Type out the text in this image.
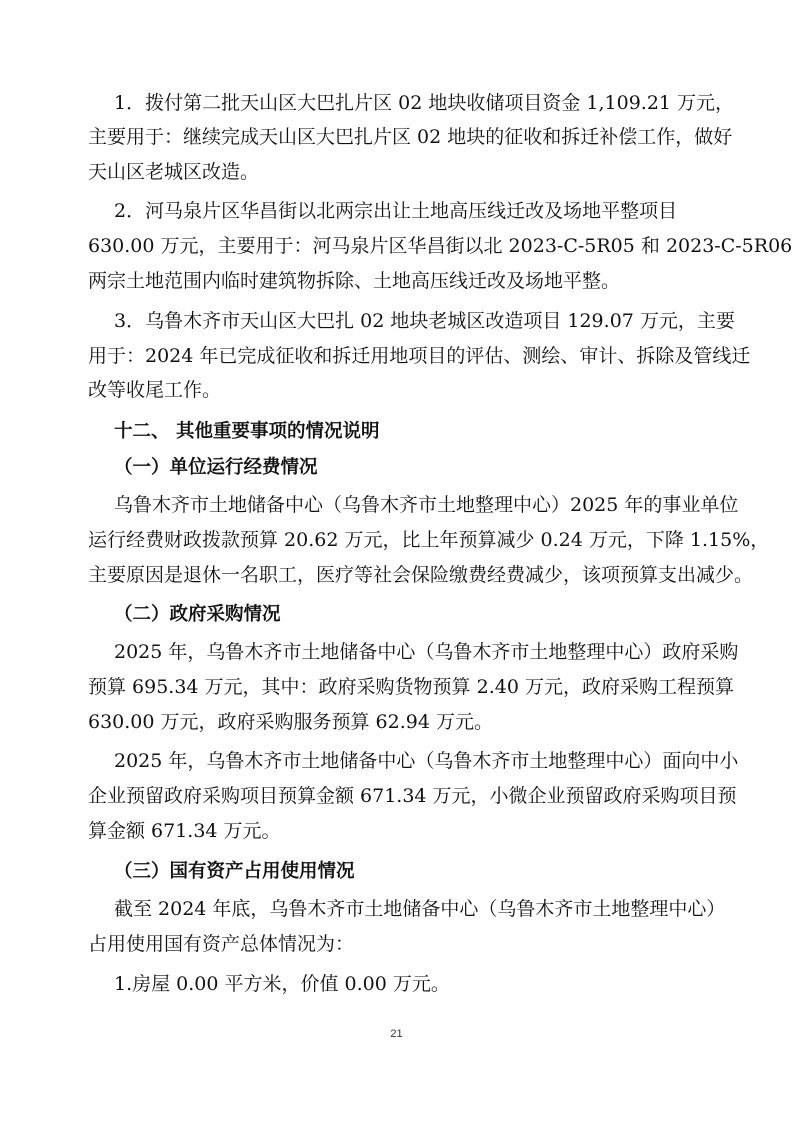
1．拨付第二批天山区大巴扎片区 02 地块收储项目资金 1,109.21 万元，
主要用于：继续完成天山区大巴扎片区 02 地块的征收和拆迁补偿工作，做好
天山区老城区改造。
2．河马泉片区华昌街以北两宗出让土地高压线迁改及场地平整项目
630.00 万元，主要用于：河马泉片区华昌街以北 2023-C-5R05 和 2023-C-5R06
两宗土地范围内临时建筑物拆除、土地高压线迁改及场地平整。
3．乌鲁木齐市天山区大巴扎 02 地块老城区改造项目 129.07 万元，主要
用于：2024 年已完成征收和拆迁用地项目的评估、测绘、审计、拆除及管线迁
改等收尾工作。
十二、 其他重要事项的情况说明
（一）单位运行经费情况
乌鲁木齐市土地储备中心（乌鲁木齐市土地整理中心）2025 年的事业单位
运行经费财政拨款预算 20.62 万元，比上年预算减少 0.24 万元，下降 1.15%，
主要原因是退休一名职工，医疗等社会保险缴费经费减少，该项预算支出减少。
（二）政府采购情况
2025 年，乌鲁木齐市土地储备中心（乌鲁木齐市土地整理中心）政府采购
预算 695.34 万元，其中：政府采购货物预算 2.40 万元，政府采购工程预算
630.00 万元，政府采购服务预算 62.94 万元。
2025 年，乌鲁木齐市土地储备中心（乌鲁木齐市土地整理中心）面向中小
企业预留政府采购项目预算金额 671.34 万元，小微企业预留政府采购项目预
算金额 671.34 万元。
（三）国有资产占用使用情况
截至 2024 年底，乌鲁木齐市土地储备中心（乌鲁木齐市土地整理中心）
占用使用国有资产总体情况为：
1.房屋 0.00 平方米，价值 0.00 万元。
21
